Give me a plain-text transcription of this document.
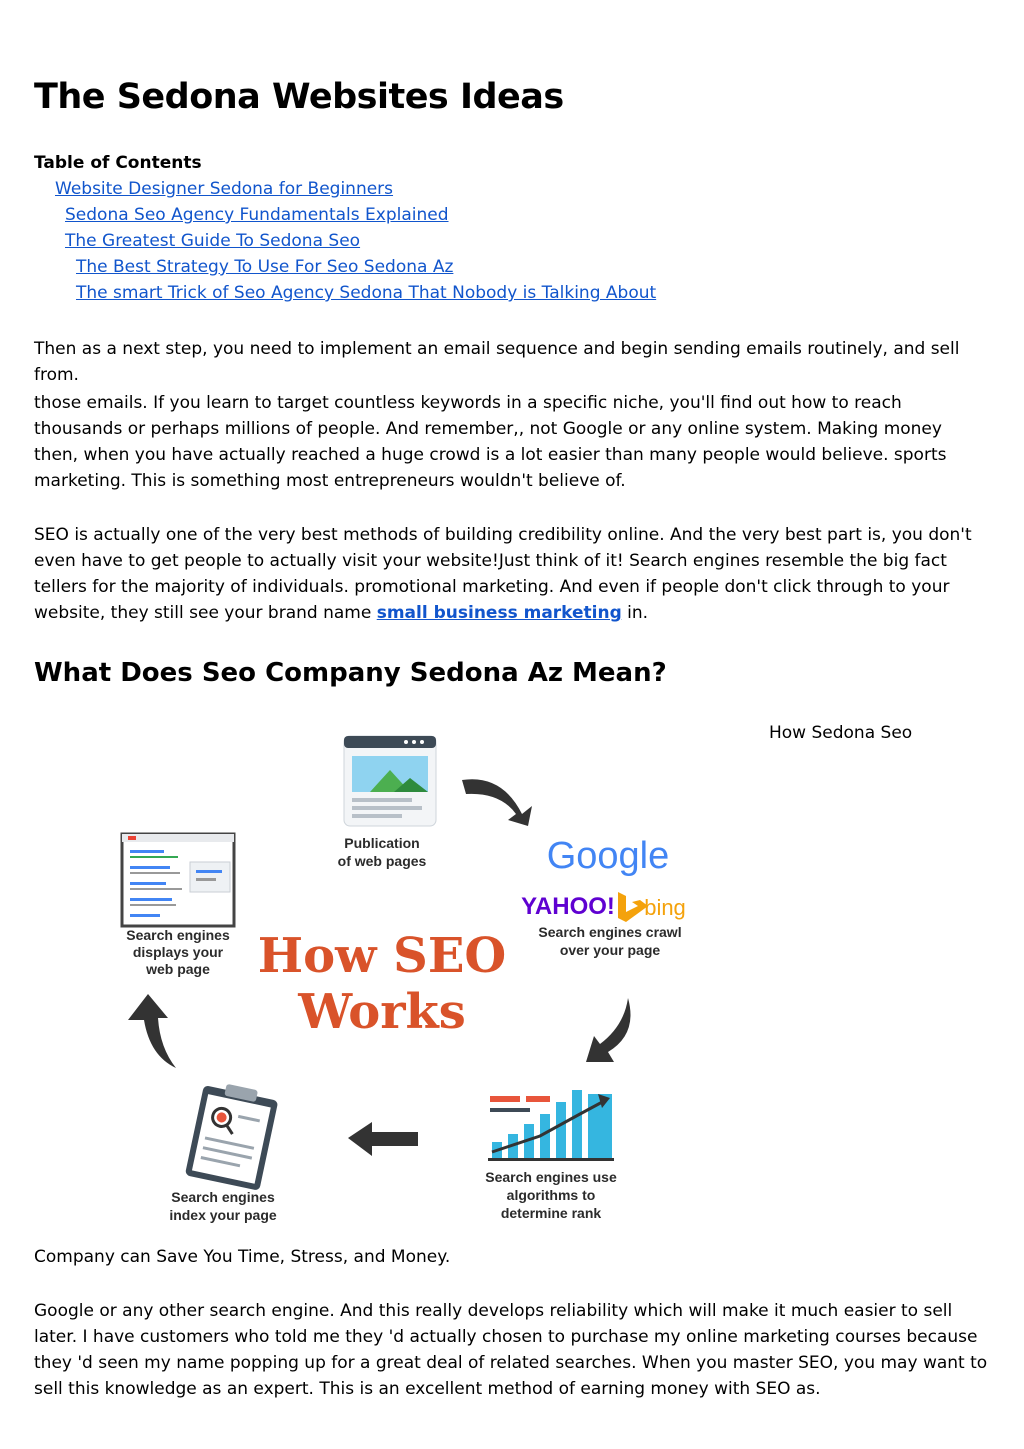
The Sedona Websites Ideas
Table of Contents
Website Designer Sedona for Beginners
Sedona Seo Agency Fundamentals Explained
The Greatest Guide To Sedona Seo
The Best Strategy To Use For Seo Sedona Az
The smart Trick of Seo Agency Sedona That Nobody is Talking About

Then as a next step, you need to implement an email sequence and begin sending emails routinely, and sell from.

those emails. If you learn to target countless keywords in a specific niche, you'll find out how to reach thousands or perhaps millions of people. And remember,, not Google or any online system. Making money then, when you have actually reached a huge crowd is a lot easier than many people would believe. sports marketing. This is something most entrepreneurs wouldn't believe of.

SEO is actually one of the very best methods of building credibility online. And the very best part is, you don't even have to get people to actually visit your website!Just think of it! Search engines resemble the big fact tellers for the majority of individuals. promotional marketing. And even if people don't click through to your website, they still see your brand name small business marketing in.

What Does Seo Company Sedona Az Mean?
How Sedona Seo
Publication
of web pages	Google
YAHOO! bing
Search engines crawl
over your page
Search engines
displays your
web page How SEO
Works
Search engines use
algorithms to
determine rank
Search engines
index your page

Company can Save You Time, Stress, and Money.

Google or any other search engine. And this really develops reliability which will make it much easier to sell later. I have customers who told me they 'd actually chosen to purchase my online marketing courses because they 'd seen my name popping up for a great deal of related searches. When you master SEO, you may want to sell this knowledge as an expert. This is an excellent method of earning money with SEO as.
